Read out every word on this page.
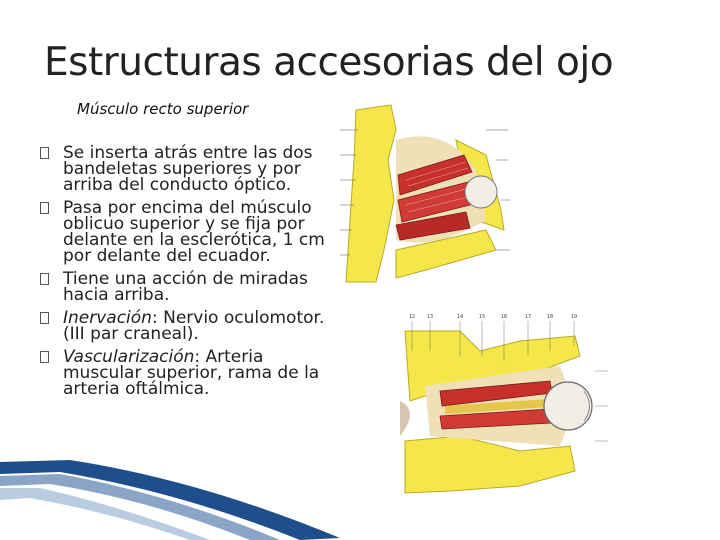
Estructuras accesorias del ojo
Músculo recto superior
Se inserta atrás entre las dos bandeletas superiores y por arriba del conducto óptico.
Pasa por encima del músculo oblicuo superior y se fija por delante en la esclerótica, 1 cm por delante del ecuador.
Tiene una acción de miradas hacia arriba.
Inervación: Nervio oculomotor. (III par craneal).
Vascularización: Arteria muscular superior, rama de la arteria oftálmica.
12 13	14	15	16	17	18	19
